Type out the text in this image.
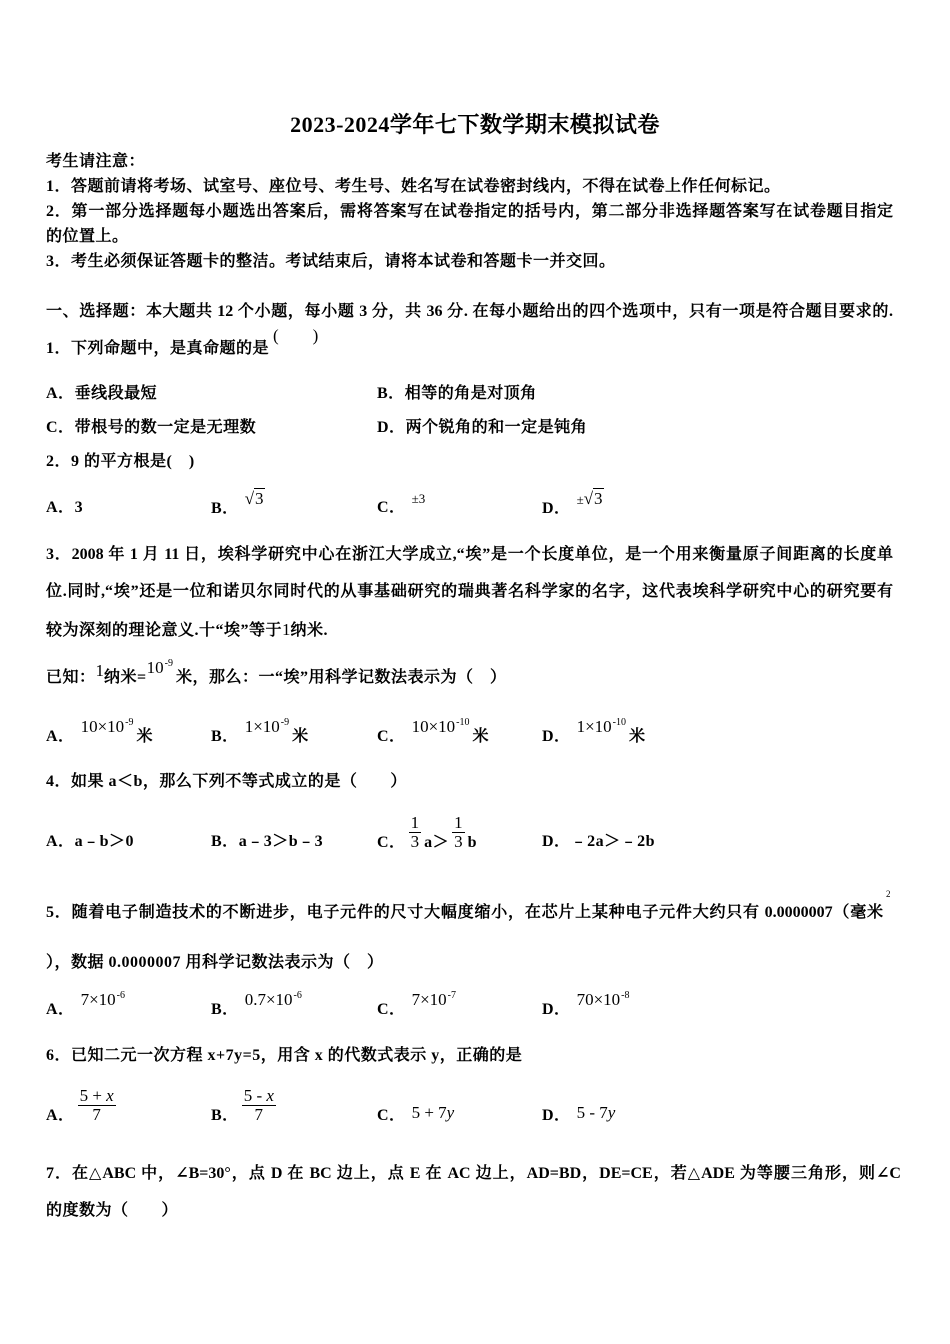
2023-2024学年七下数学期末模拟试卷
考生请注意：
1．答题前请将考场、试室号、座位号、考生号、姓名写在试卷密封线内，不得在试卷上作任何标记。
2．第一部分选择题每小题选出答案后，需将答案写在试卷指定的括号内，第二部分非选择题答案写在试卷题目指定
的位置上。
3．考生必须保证答题卡的整洁。考试结束后，请将本试卷和答题卡一并交回。
一、选择题：本大题共 12 个小题，每小题 3 分，共 36 分. 在每小题给出的四个选项中，只有一项是符合题目要求的.
1．下列命题中，是真命题的是(　　)
A．垂线段最短	B．相等的角是对顶角
C．带根号的数一定是无理数	D．两个锐角的和一定是钝角
2．9 的平方根是(　)
A．3	B．√3	C．$^{\pm 3}$
D．±√3
3．2008 年 1 月 11 日，埃科学研究中心在浙江大学成立,“埃”是一个长度单位，是一个用来衡量原子间距离的长度单
位.同时,“埃”还是一位和诺贝尔同时代的从事基础研究的瑞典著名科学家的名字，这代表埃科学研究中心的研究要有
较为深刻的理论意义.十“埃”等于1纳米.
已知：1纳米$=10^{-9}$米，那么：一“埃”用科学记数法表示为（　）
A．$10\times 10^{-9}$米	B．$1\times 10^{-9}$米	C．$10\times 10^{-10}$米	D．$1\times 10^{-10}$米
4．如果 a＜b，那么下列不等式成立的是（　　）
A．a﹣b＞0	B．a﹣3＞b﹣3	C． $\frac{1}{3} a> \frac{1}{3}$ b	D．﹣2a＞﹣2b
5．随着电子制造技术的不断进步，电子元件的尺寸大幅度缩小，在芯片上某种电子元件大约只有 0.0000007（毫米
2
），数据 0.0000007 用科学记数法表示为（　）
A．$7\times 10^{-6}$
B．$0.7\times 10^{-6}$
C．$7\times 10^{-7}$
D．$70\times 10^{-8}$
6．已知二元一次方程 x+7y=5，用含 x 的代数式表示 y，正确的是
A． $\frac{5 + x}{7}$	B． $\frac{5 - x}{7}$	C． 5 + 7y	D． 5 - 7y
7．在△ABC 中，∠B=30°，点 D 在 BC 边上，点 E 在 AC 边上，AD=BD，DE=CE，若△ADE 为等腰三角形，则∠C
的度数为（　　）
